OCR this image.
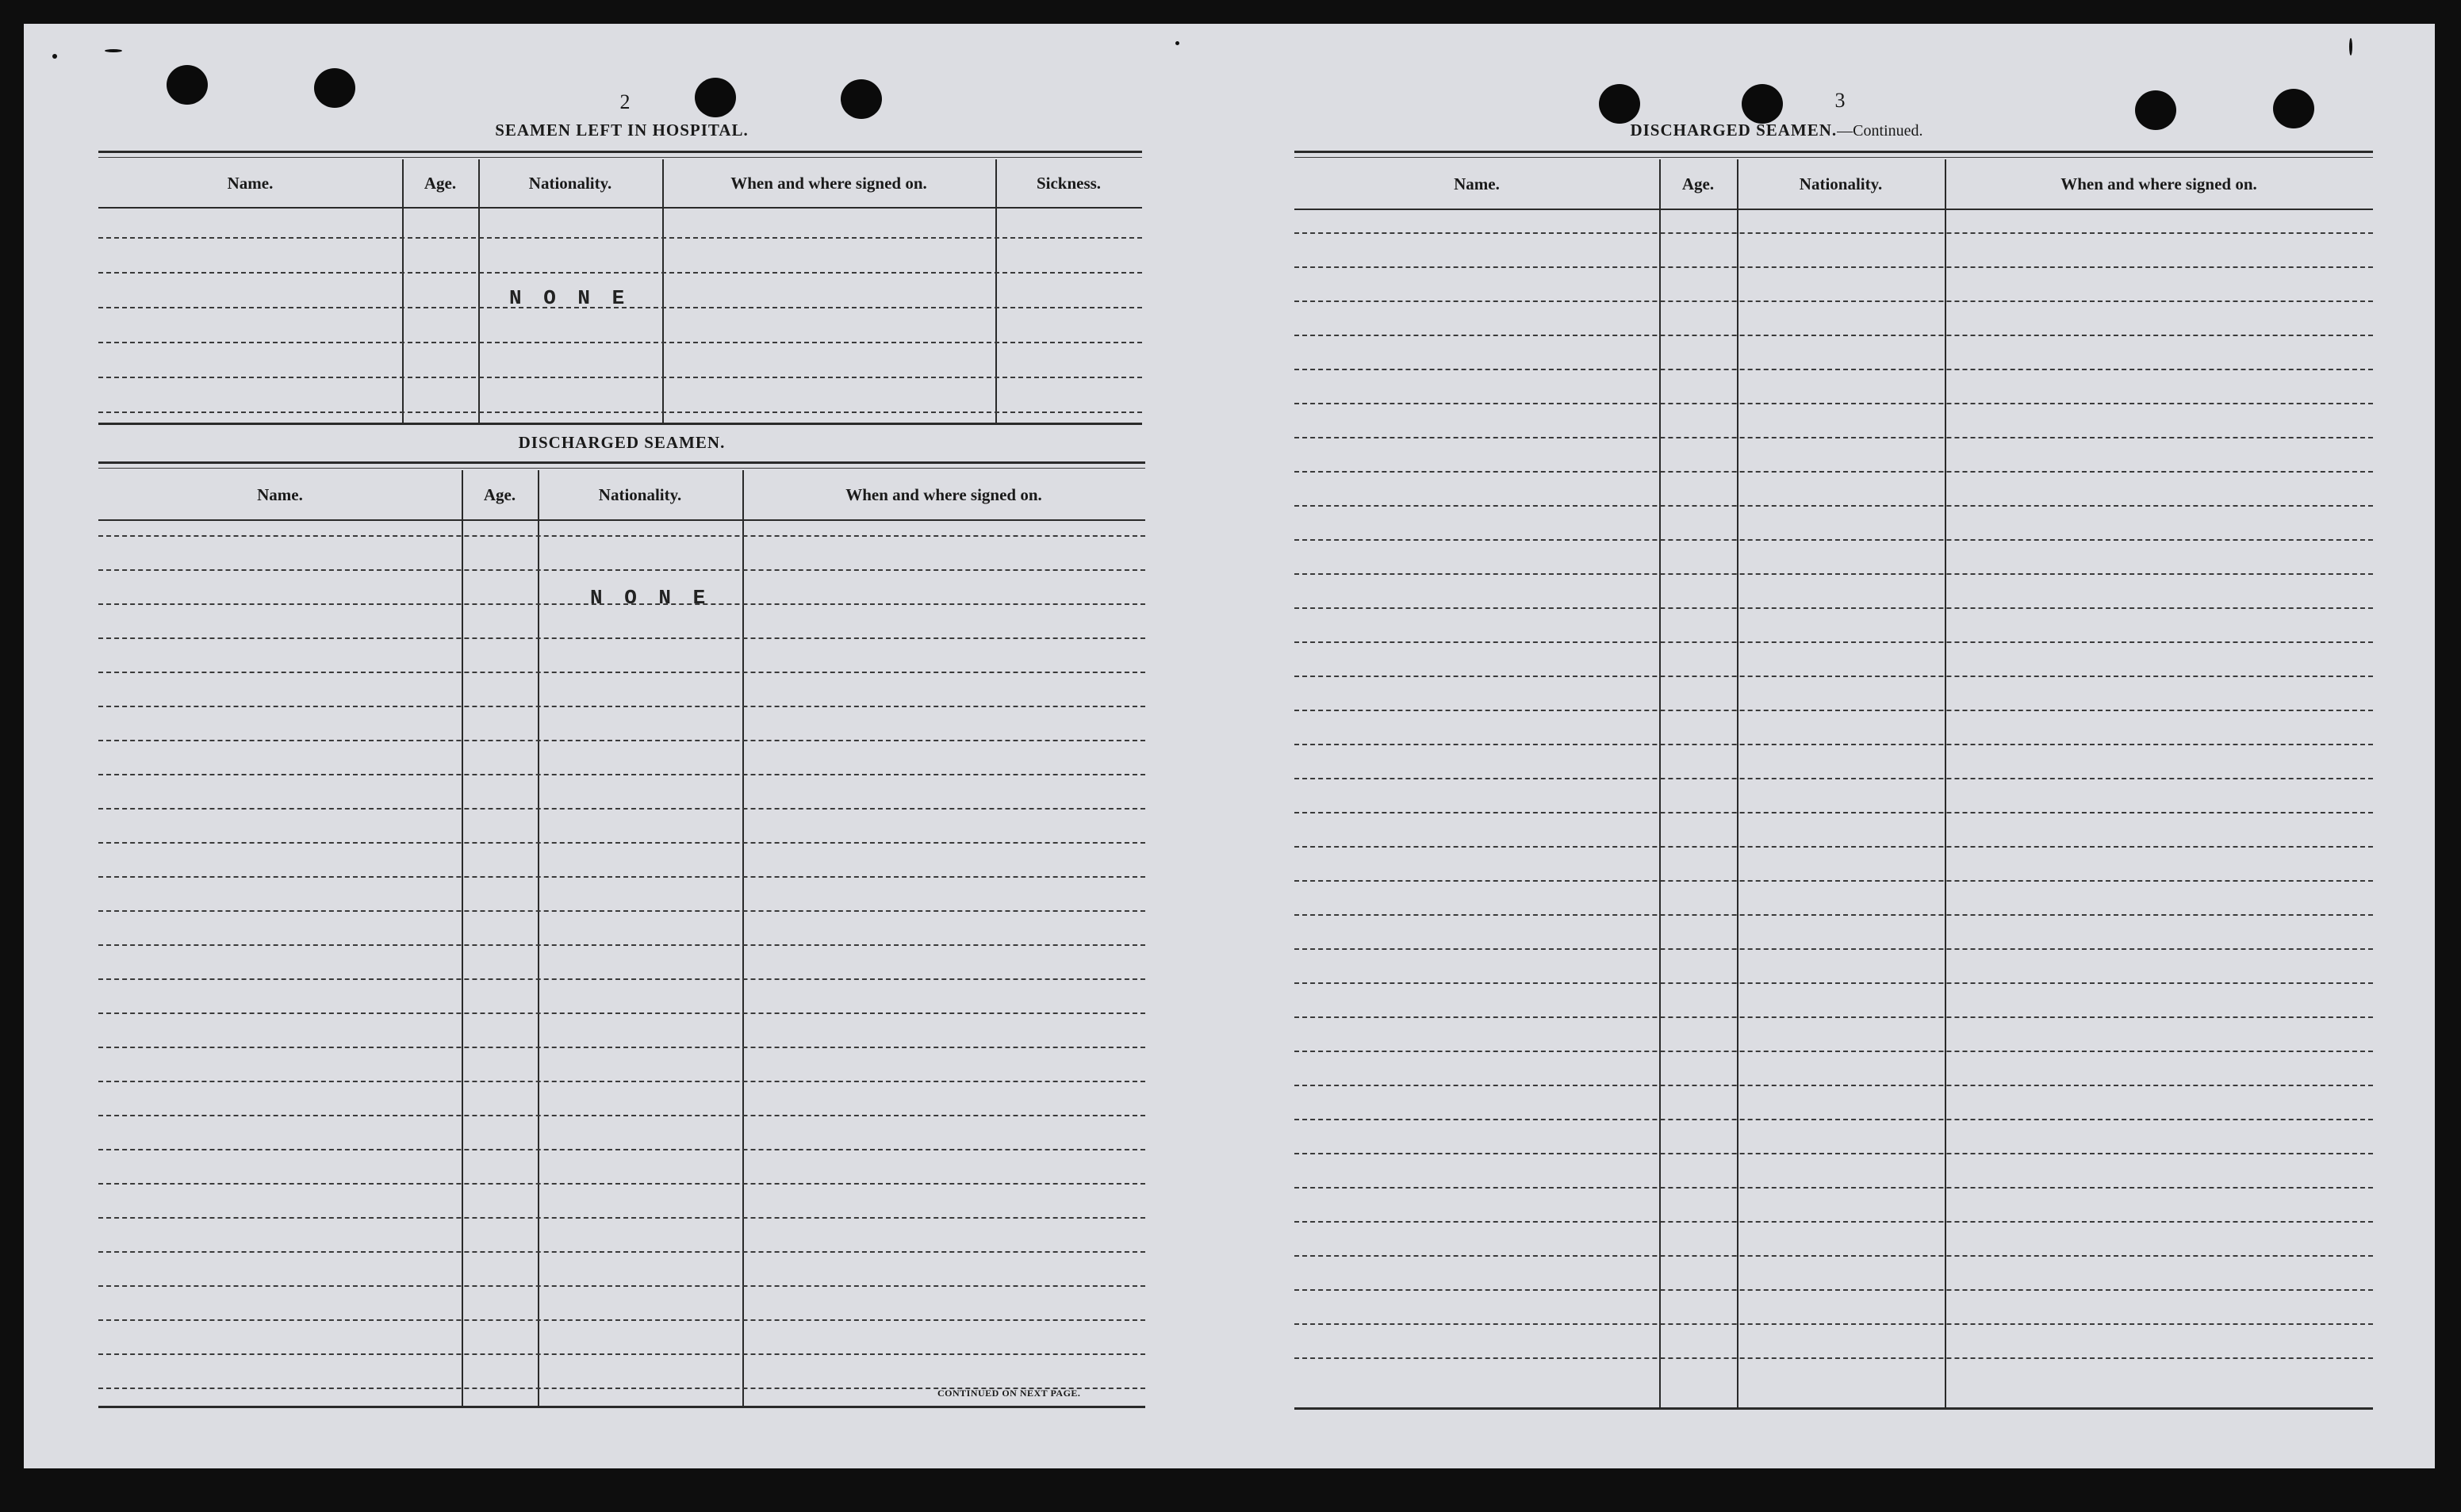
2
SEAMEN LEFT IN HOSPITAL.
Name.	Age.	Nationality.	When and where signed on.	Sickness.
N O N E
DISCHARGED SEAMEN.
Name.	Age.	Nationality.	When and where signed on.
N O N E
CONTINUED ON NEXT PAGE.
3
DISCHARGED SEAMEN.—Continued.
Name.	Age.	Nationality.	When and where signed on.
